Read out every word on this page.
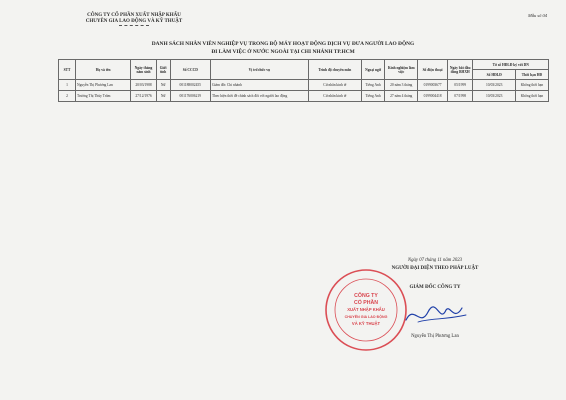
CÔNG TY CỔ PHẦN XUẤT NHẬP KHẨU
CHUYÊN GIA LAO ĐỘNG VÀ KỸ THUẬT
Mẫu số 04
DANH SÁCH NHÂN VIÊN NGHIỆP VỤ TRONG BỘ MÁY HOẠT ĐỘNG DỊCH VỤ ĐƯA NGƯỜI LAO ĐỘNG
ĐI LÀM VIỆC Ở NƯỚC NGOÀI TẠI CHI NHÁNH TP.HCM
STT	Họ và tên	Ngày tháng năm sinh	Giới tính	Số CCCD	Vị trí/chức vụ	Trình độ chuyên môn	Ngoại ngữ	Kinh nghiệm làm việc	Số điện thoại	Ngày bắt đầu đóng BHXH	Tờ số HĐLĐ ký với DN	
											Số HĐLĐ	Thời hạn HĐ
1	Nguyễn Thị Phương Lan	20/03/1988	Nữ	001188002455	Giám đốc Chi nhánh	Cử nhân kinh tế	Tiếng Anh	20 năm 3 tháng	0199003677	05/1999	10/03/2023	Không thời hạn
2	Trương Thị Thùy Trâm	27/12/1976	Nữ	001176006219	Theo hiện thời đề chính sách đối với người lao động	Cử nhân kinh tế	Tiếng Anh	27 năm 4 tháng	0199004418	07/1998	10/03/2023	Không thời hạn
Ngày 07 tháng 11 năm 2023
NGƯỜI ĐẠI DIỆN THEO PHÁP LUẬT
GIÁM ĐỐC CÔNG TY
CÔNG TY
CỔ PHẦN
XUẤT NHẬP KHẨU
CHUYÊN GIA LAO ĐỘNG
VÀ KỸ THUẬT
Nguyễn Thị Phương Lan
